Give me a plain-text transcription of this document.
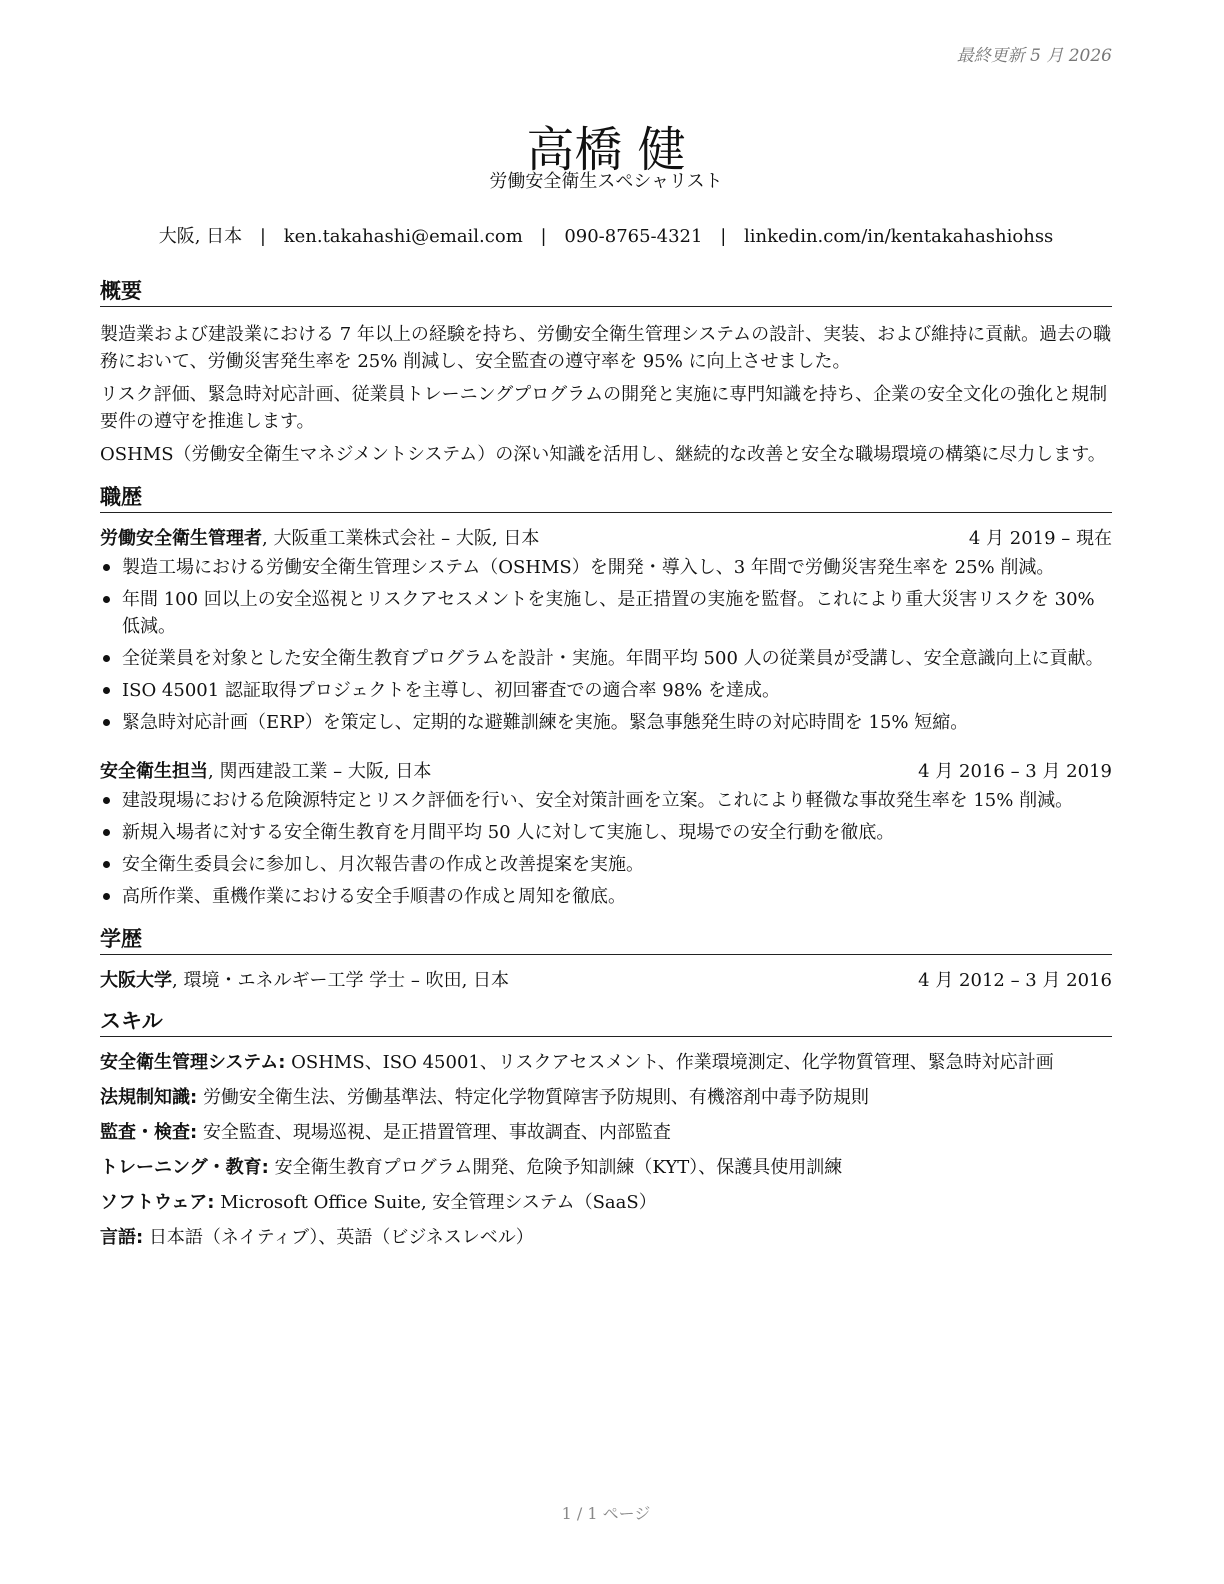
最終更新 5 月 2026
高橋 健
労働安全衛生スペシャリスト
大阪, 日本 | ken.takahashi@email.com | 090-8765-4321 | linkedin.com/in/kentakahashiohss
概要

製造業および建設業における 7 年以上の経験を持ち、労働安全衛生管理システムの設計、実装、および維持に貢献。過去の職務において、労働災害発生率を 25% 削減し、安全監査の遵守率を 95% に向上させました。

リスク評価、緊急時対応計画、従業員トレーニングプログラムの開発と実施に専門知識を持ち、企業の安全文化の強化と規制要件の遵守を推進します。

OSHMS（労働安全衛生マネジメントシステム）の深い知識を活用し、継続的な改善と安全な職場環境の構築に尽力します。

職歴
労働安全衛生管理者, 大阪重工業株式会社 – 大阪, 日本	4 月 2019 – 現在
製造工場における労働安全衛生管理システム（OSHMS）を開発・導入し、3 年間で労働災害発生率を 25% 削減。
年間 100 回以上の安全巡視とリスクアセスメントを実施し、是正措置の実施を監督。これにより重大災害リスクを 30% 低減。
全従業員を対象とした安全衛生教育プログラムを設計・実施。年間平均 500 人の従業員が受講し、安全意識向上に貢献。
ISO 45001 認証取得プロジェクトを主導し、初回審査での適合率 98% を達成。
緊急時対応計画（ERP）を策定し、定期的な避難訓練を実施。緊急事態発生時の対応時間を 15% 短縮。
安全衛生担当, 関西建設工業 – 大阪, 日本	4 月 2016 – 3 月 2019
建設現場における危険源特定とリスク評価を行い、安全対策計画を立案。これにより軽微な事故発生率を 15% 削減。
新規入場者に対する安全衛生教育を月間平均 50 人に対して実施し、現場での安全行動を徹底。
安全衛生委員会に参加し、月次報告書の作成と改善提案を実施。
高所作業、重機作業における安全手順書の作成と周知を徹底。
学歴
大阪大学, 環境・エネルギー工学 学士 – 吹田, 日本	4 月 2012 – 3 月 2016
スキル

安全衛生管理システム: OSHMS、ISO 45001、リスクアセスメント、作業環境測定、化学物質管理、緊急時対応計画

法規制知識: 労働安全衛生法、労働基準法、特定化学物質障害予防規則、有機溶剤中毒予防規則

監査・検査: 安全監査、現場巡視、是正措置管理、事故調査、内部監査

トレーニング・教育: 安全衛生教育プログラム開発、危険予知訓練（KYT）、保護具使用訓練

ソフトウェア: Microsoft Office Suite, 安全管理システム（SaaS）

言語: 日本語（ネイティブ）、英語（ビジネスレベル）

1 / 1 ページ
